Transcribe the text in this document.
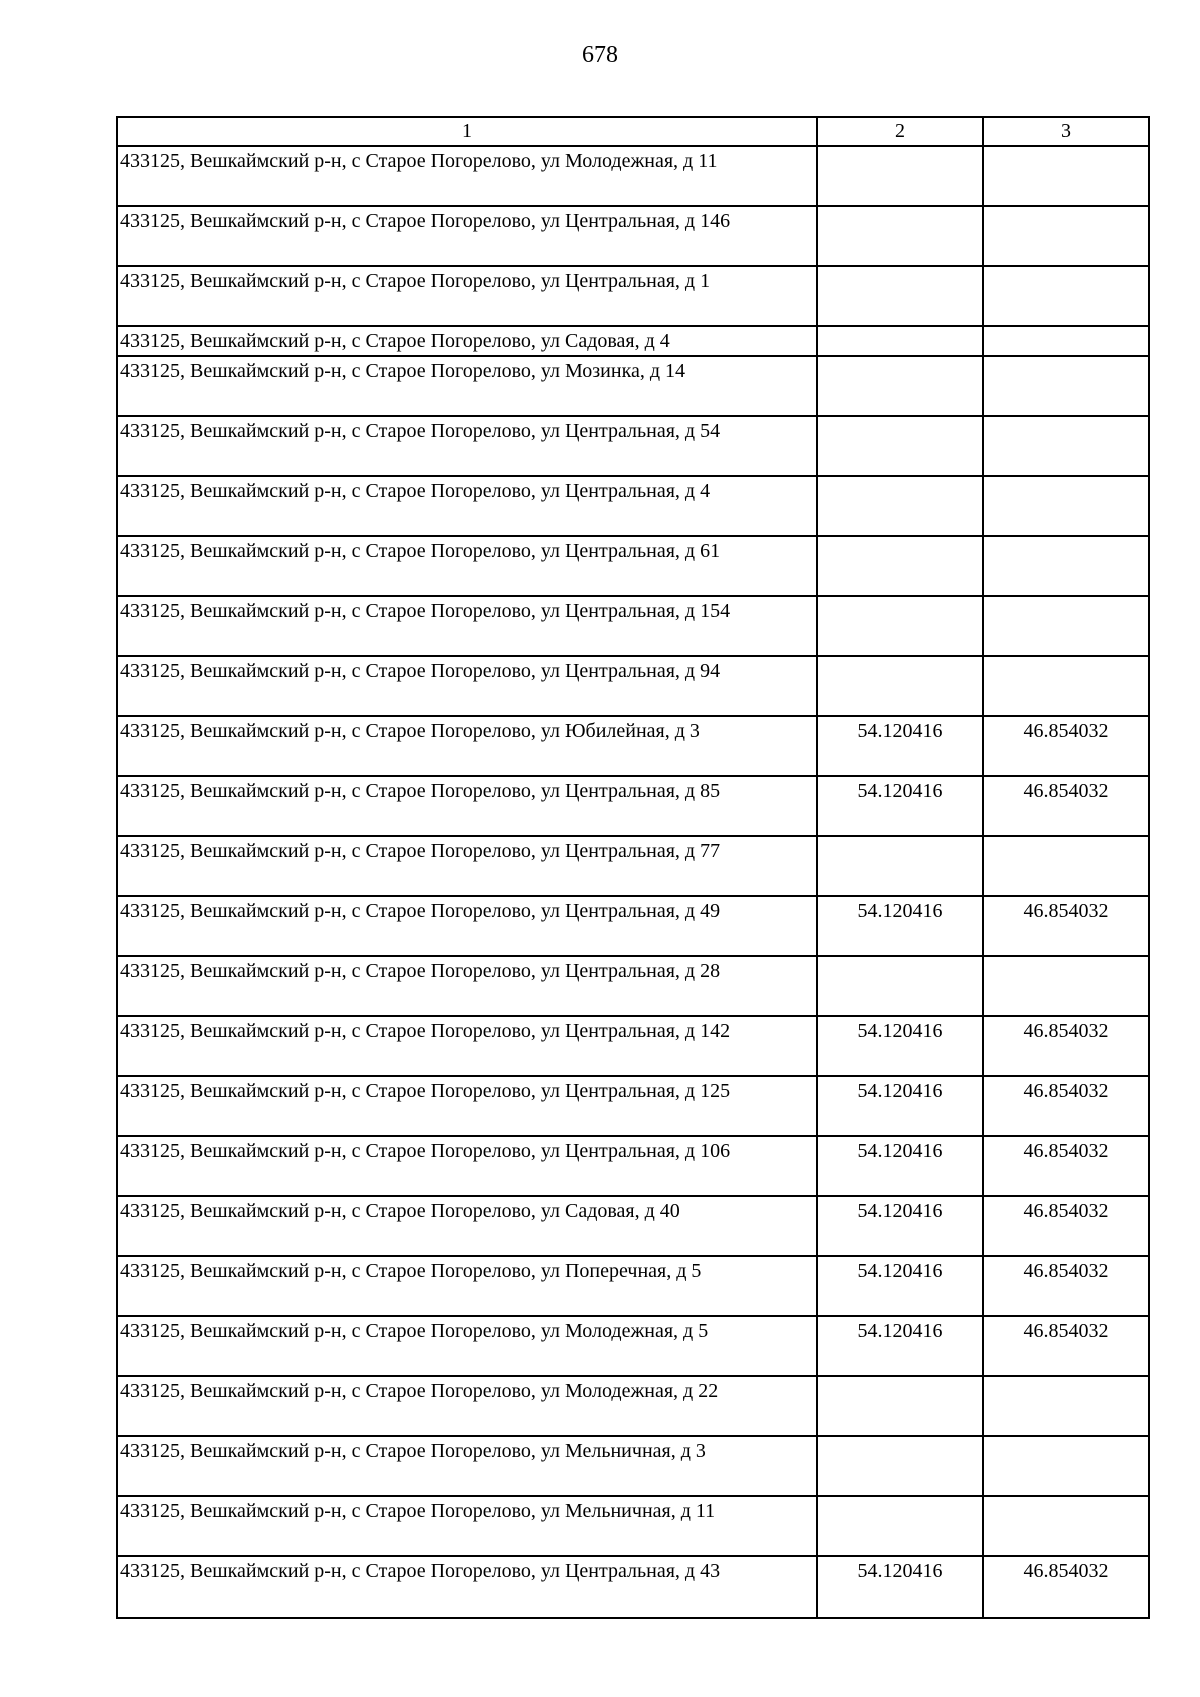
678
1	2	3
433125, Вешкаймский р-н, с Старое Погорелово, ул Молодежная, д 11		
433125, Вешкаймский р-н, с Старое Погорелово, ул Центральная, д 146		
433125, Вешкаймский р-н, с Старое Погорелово, ул Центральная, д 1		
433125, Вешкаймский р-н, с Старое Погорелово, ул Садовая, д 4		
433125, Вешкаймский р-н, с Старое Погорелово, ул Мозинка, д 14		
433125, Вешкаймский р-н, с Старое Погорелово, ул Центральная, д 54		
433125, Вешкаймский р-н, с Старое Погорелово, ул Центральная, д 4		
433125, Вешкаймский р-н, с Старое Погорелово, ул Центральная, д 61		
433125, Вешкаймский р-н, с Старое Погорелово, ул Центральная, д 154		
433125, Вешкаймский р-н, с Старое Погорелово, ул Центральная, д 94		
433125, Вешкаймский р-н, с Старое Погорелово, ул Юбилейная, д 3	54.120416	46.854032
433125, Вешкаймский р-н, с Старое Погорелово, ул Центральная, д 85	54.120416	46.854032
433125, Вешкаймский р-н, с Старое Погорелово, ул Центральная, д 77		
433125, Вешкаймский р-н, с Старое Погорелово, ул Центральная, д 49	54.120416	46.854032
433125, Вешкаймский р-н, с Старое Погорелово, ул Центральная, д 28		
433125, Вешкаймский р-н, с Старое Погорелово, ул Центральная, д 142	54.120416	46.854032
433125, Вешкаймский р-н, с Старое Погорелово, ул Центральная, д 125	54.120416	46.854032
433125, Вешкаймский р-н, с Старое Погорелово, ул Центральная, д 106	54.120416	46.854032
433125, Вешкаймский р-н, с Старое Погорелово, ул Садовая, д 40	54.120416	46.854032
433125, Вешкаймский р-н, с Старое Погорелово, ул Поперечная, д 5	54.120416	46.854032
433125, Вешкаймский р-н, с Старое Погорелово, ул Молодежная, д 5	54.120416	46.854032
433125, Вешкаймский р-н, с Старое Погорелово, ул Молодежная, д 22		
433125, Вешкаймский р-н, с Старое Погорелово, ул Мельничная, д 3		
433125, Вешкаймский р-н, с Старое Погорелово, ул Мельничная, д 11		
433125, Вешкаймский р-н, с Старое Погорелово, ул Центральная, д 43	54.120416	46.854032
